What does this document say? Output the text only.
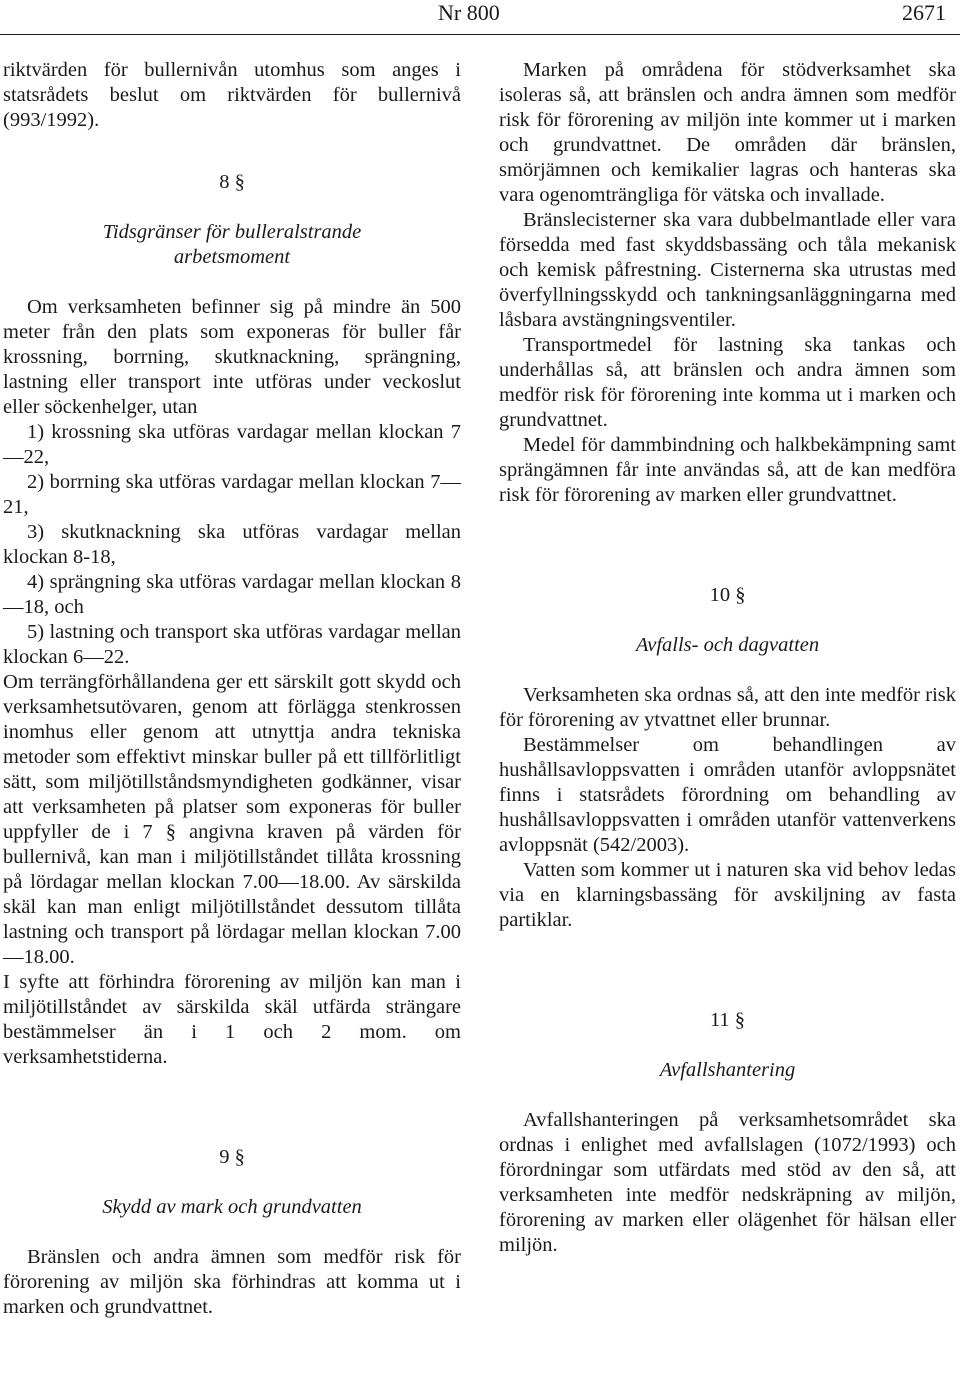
Nr 800	2671

riktvärden för bullernivån utomhus som anges i statsrådets beslut om riktvärden för bullernivå (993/1992).

8 §

Tidsgränser för bulleralstrande arbetsmoment

Om verksamheten befinner sig på mindre än 500 meter från den plats som exponeras för buller får krossning, borrning, skutknackning, sprängning, lastning eller transport inte utföras under veckoslut eller söckenhelger, utan

1) krossning ska utföras vardagar mellan klockan 7—22,

2) borrning ska utföras vardagar mellan klockan 7—21,

3) skutknackning ska utföras vardagar mellan klockan 8-18,

4) sprängning ska utföras vardagar mellan klockan 8—18, och

5) lastning och transport ska utföras vardagar mellan klockan 6—22.

Om terrängförhållandena ger ett särskilt gott skydd och verksamhetsutövaren, genom att förlägga stenkrossen inomhus eller genom att utnyttja andra tekniska metoder som effektivt minskar buller på ett tillförlitligt sätt, som miljötillståndsmyndigheten godkänner, visar att verksamheten på platser som exponeras för buller uppfyller de i 7 § angivna kraven på värden för bullernivå, kan man i miljötillståndet tillåta krossning på lördagar mellan klockan 7.00—18.00. Av särskilda skäl kan man enligt miljötillståndet dessutom tillåta lastning och transport på lördagar mellan klockan 7.00—18.00.

I syfte att förhindra förorening av miljön kan man i miljötillståndet av särskilda skäl utfärda strängare bestämmelser än i 1 och 2 mom. om verksamhetstiderna.

9 §

Skydd av mark och grundvatten

Bränslen och andra ämnen som medför risk för förorening av miljön ska förhindras att komma ut i marken och grundvattnet.

Marken på områdena för stödverksamhet ska isoleras så, att bränslen och andra ämnen som medför risk för förorening av miljön inte kommer ut i marken och grundvattnet. De områden där bränslen, smörjämnen och kemikalier lagras och hanteras ska vara ogenomträngliga för vätska och invallade.

Bränslecisterner ska vara dubbelmantlade eller vara försedda med fast skyddsbassäng och tåla mekanisk och kemisk påfrestning. Cisternerna ska utrustas med överfyllningsskydd och tankningsanläggningarna med låsbara avstängningsventiler.

Transportmedel för lastning ska tankas och underhållas så, att bränslen och andra ämnen som medför risk för förorening inte komma ut i marken och grundvattnet.

Medel för dammbindning och halkbekämpning samt sprängämnen får inte användas så, att de kan medföra risk för förorening av marken eller grundvattnet.

10 §

Avfalls- och dagvatten

Verksamheten ska ordnas så, att den inte medför risk för förorening av ytvattnet eller brunnar.

Bestämmelser om behandlingen av hushållsavloppsvatten i områden utanför avloppsnätet finns i statsrådets förordning om behandling av hushållsavloppsvatten i områden utanför vattenverkens avloppsnät (542/2003).

Vatten som kommer ut i naturen ska vid behov ledas via en klarningsbassäng för avskiljning av fasta partiklar.

11 §

Avfallshantering

Avfallshanteringen på verksamhetsområdet ska ordnas i enlighet med avfallslagen (1072/1993) och förordningar som utfärdats med stöd av den så, att verksamheten inte medför nedskräpning av miljön, förorening av marken eller olägenhet för hälsan eller miljön.
